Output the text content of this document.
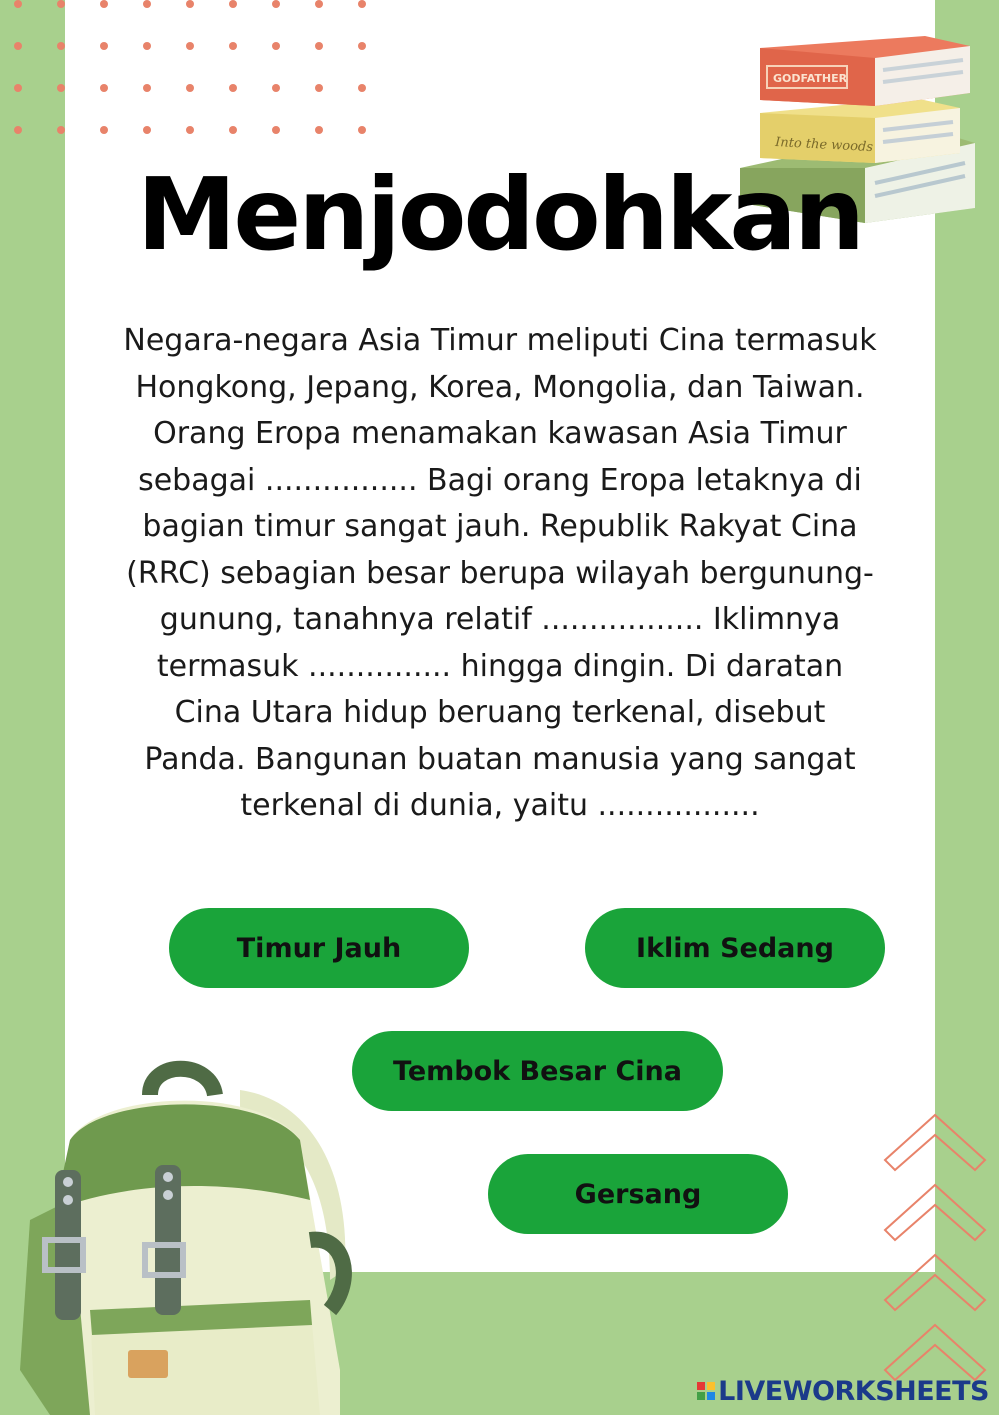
Into the woods
GODFATHER
Menjodohkan

Negara-negara Asia Timur meliputi Cina termasuk Hongkong, Jepang, Korea, Mongolia, dan Taiwan. Orang Eropa menamakan kawasan Asia Timur sebagai ................ Bagi orang Eropa letaknya di bagian timur sangat jauh. Republik Rakyat Cina (RRC) sebagian besar berupa wilayah bergunung-gunung, tanahnya relatif ................. Iklimnya termasuk ............... hingga dingin. Di daratan Cina Utara hidup beruang terkenal, disebut Panda. Bangunan buatan manusia yang sangat terkenal di dunia, yaitu .................

Timur Jauh	Iklim Sedang
Tembok Besar Cina
Gersang
LIVEWORKSHEETS
